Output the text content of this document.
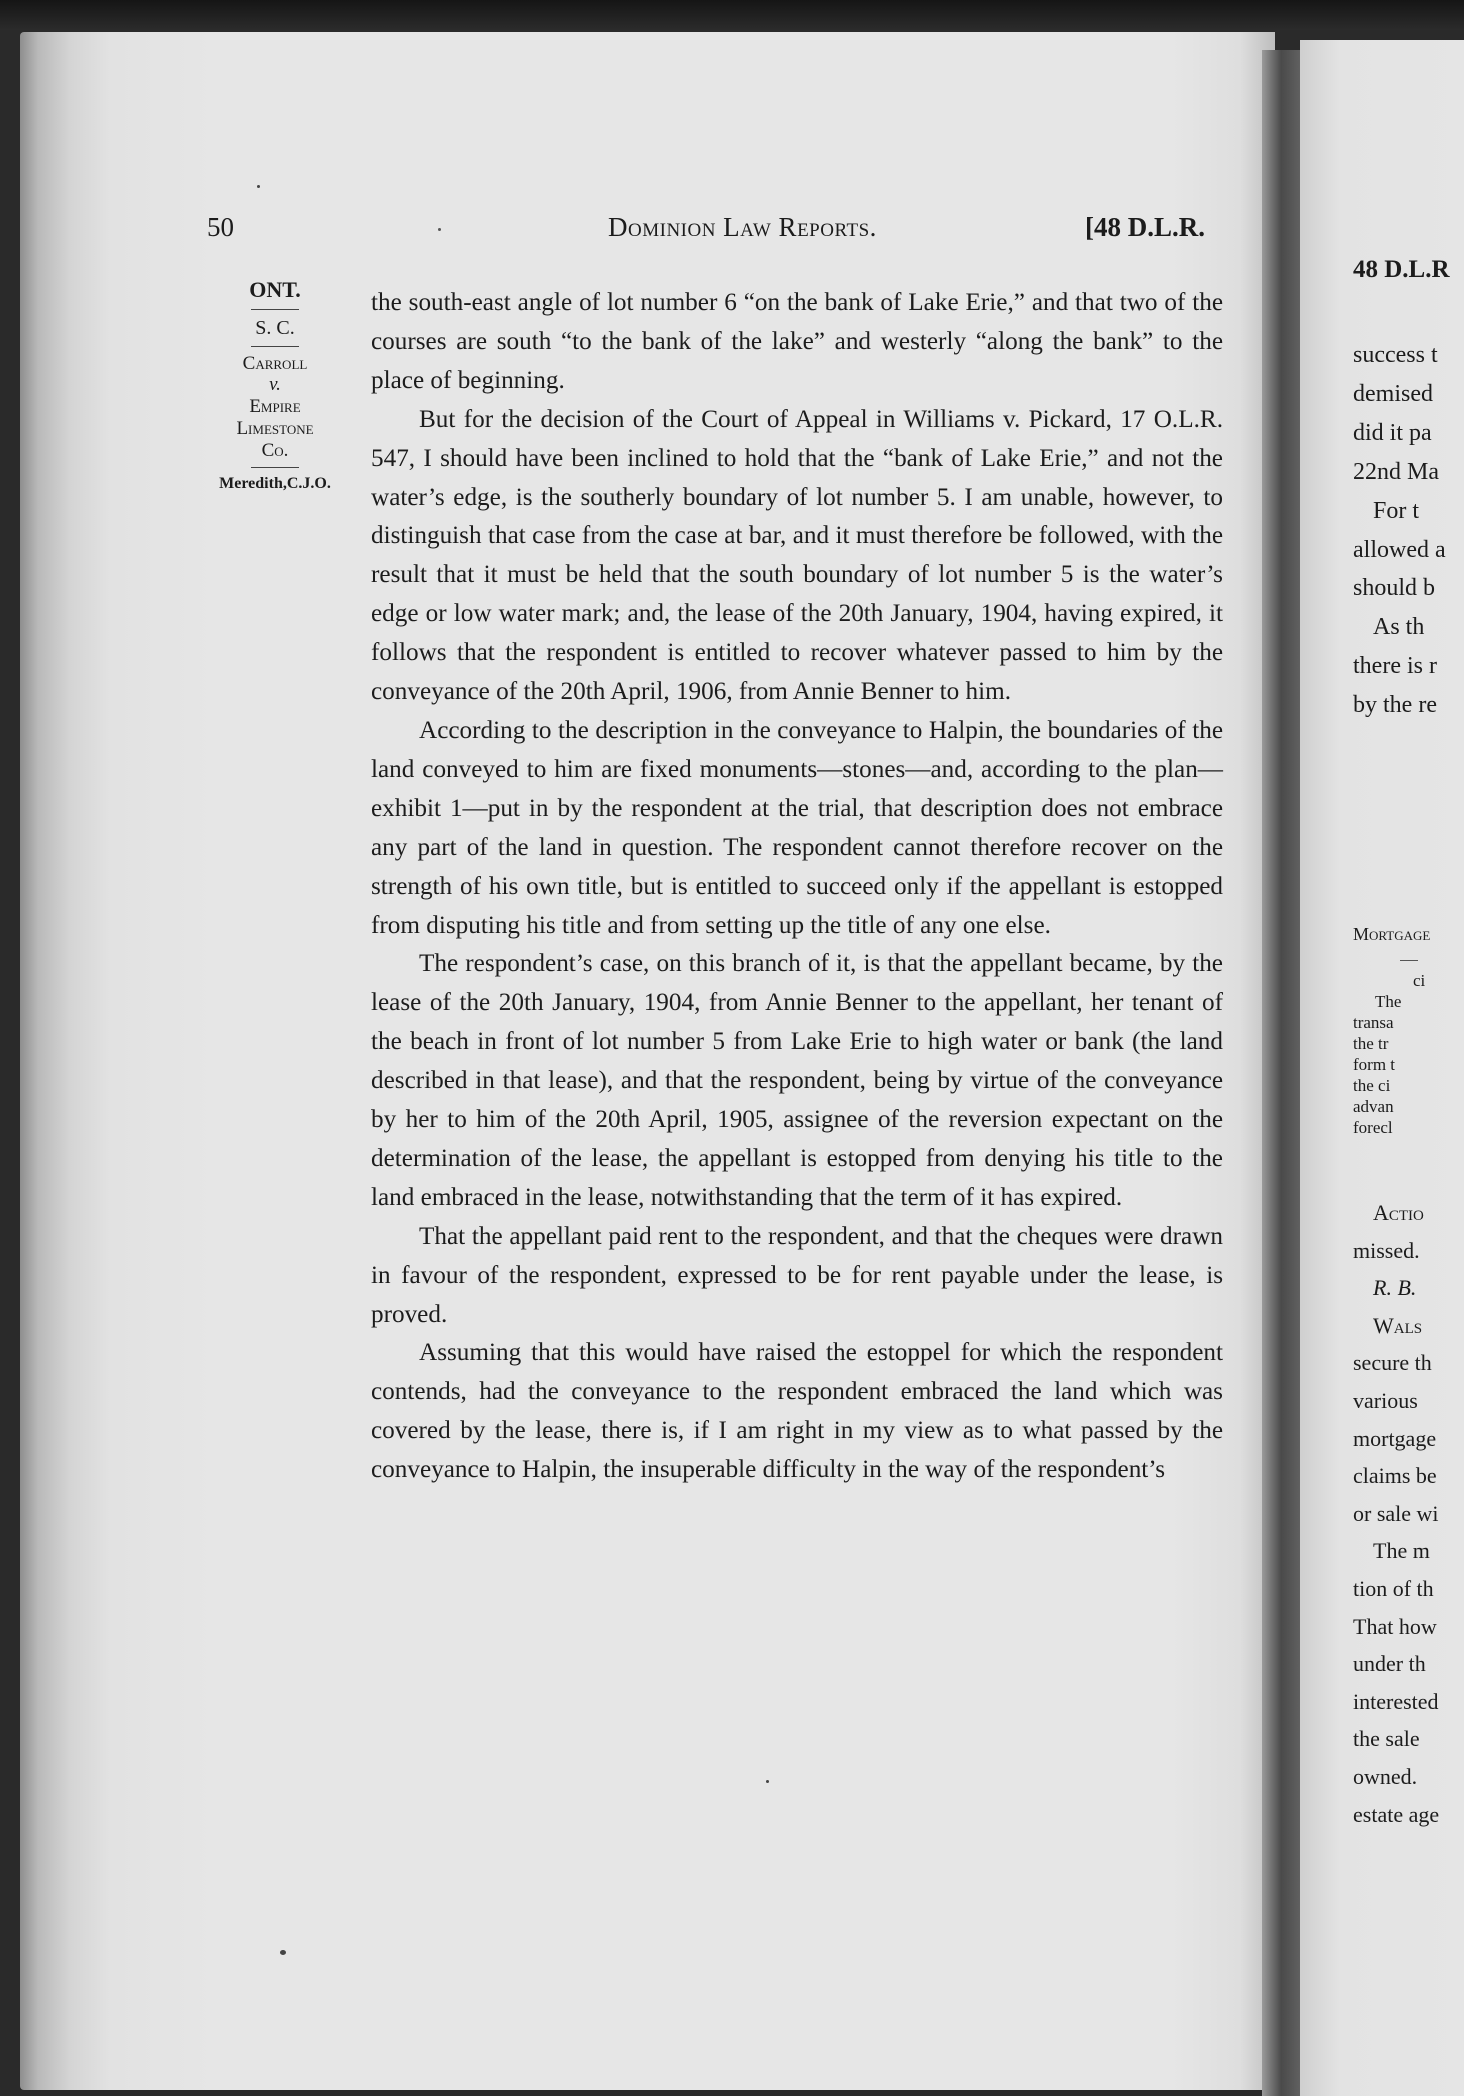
48 D.L.R
success t
demised
did it pa
22nd Ma
For t
allowed a
should b
As th
there is r
by the re
Mortgage
ci
The
transa
the tr
form t
the ci
advan
forecl
Actio
missed.
R. B.
Wals
secure th
various
mortgage
claims be
or sale wi
The m
tion of th
That how
under th
interested
the sale
owned.
estate age
50	Dominion Law Reports.	[48 D.L.R.
ONT.
S. C.
Carroll
v.
Empire
Limestone
Co.
Meredith,C.J.O.

the south-east angle of lot number 6 “on the bank of Lake Erie,” and that two of the courses are south “to the bank of the lake” and westerly “along the bank” to the place of beginning.

But for the decision of the Court of Appeal in Williams v. Pickard, 17 O.L.R. 547, I should have been inclined to hold that the “bank of Lake Erie,” and not the water’s edge, is the southerly boundary of lot number 5. I am unable, however, to distinguish that case from the case at bar, and it must therefore be followed, with the result that it must be held that the south boundary of lot number 5 is the water’s edge or low water mark; and, the lease of the 20th January, 1904, having expired, it follows that the respondent is entitled to recover whatever passed to him by the conveyance of the 20th April, 1906, from Annie Benner to him.

According to the description in the conveyance to Halpin, the boundaries of the land conveyed to him are fixed monuments—stones—and, according to the plan—exhibit 1—put in by the respondent at the trial, that description does not embrace any part of the land in question. The respondent cannot therefore recover on the strength of his own title, but is entitled to succeed only if the appellant is estopped from disputing his title and from setting up the title of any one else.

The respondent’s case, on this branch of it, is that the appellant became, by the lease of the 20th January, 1904, from Annie Benner to the appellant, her tenant of the beach in front of lot number 5 from Lake Erie to high water or bank (the land described in that lease), and that the respondent, being by virtue of the conveyance by her to him of the 20th April, 1905, assignee of the reversion expectant on the determination of the lease, the appellant is estopped from denying his title to the land embraced in the lease, notwithstanding that the term of it has expired.

That the appellant paid rent to the respondent, and that the cheques were drawn in favour of the respondent, expressed to be for rent payable under the lease, is proved.

Assuming that this would have raised the estoppel for which the respondent contends, had the conveyance to the respondent embraced the land which was covered by the lease, there is, if I am right in my view as to what passed by the conveyance to Halpin, the insuperable difficulty in the way of the respondent’s
